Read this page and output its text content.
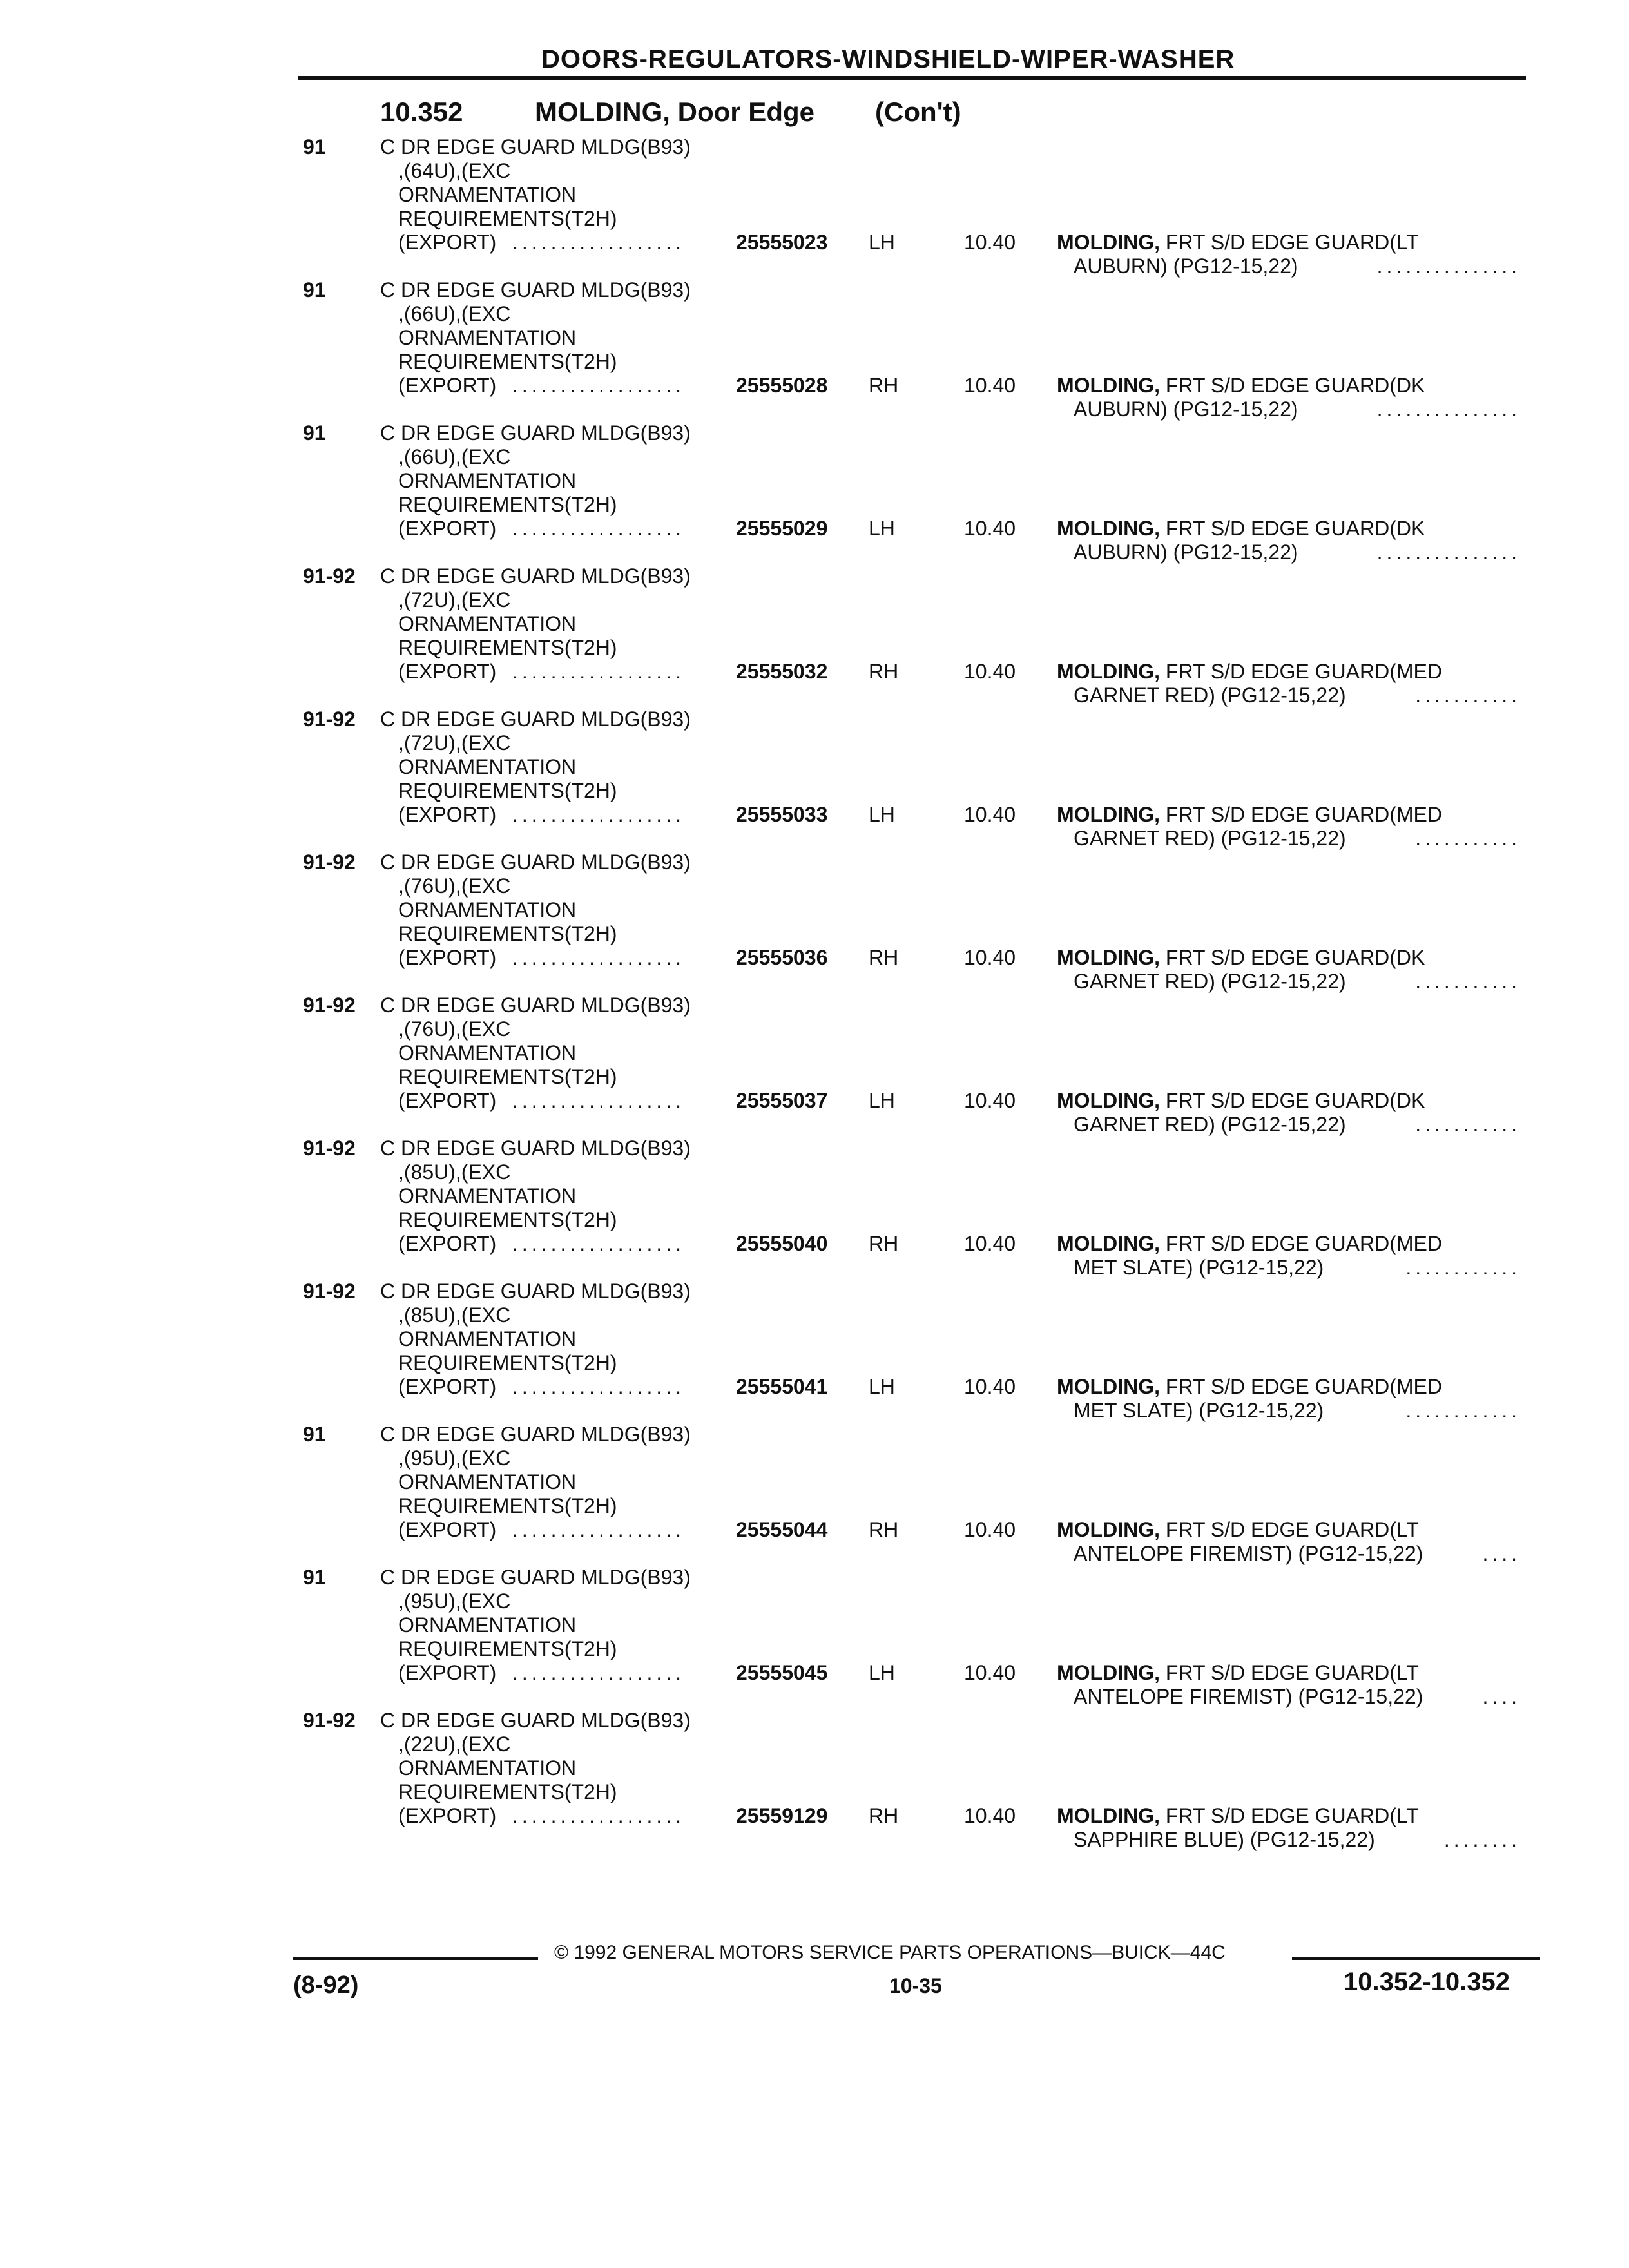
DOORS-REGULATORS-WINDSHIELD-WIPER-WASHER
10.352	MOLDING, Door Edge (Con't)
91	C DR EDGE GUARD MLDG(B93)
,(64U),(EXC
ORNAMENTATION
REQUIREMENTS(T2H)
(EXPORT) ..................	25555023 LH	10.40 MOLDING, FRT S/D EDGE GUARD(LT
AUBURN) (PG12-15,22)	...............
91	C DR EDGE GUARD MLDG(B93)
,(66U),(EXC
ORNAMENTATION
REQUIREMENTS(T2H)
(EXPORT) ..................	25555028 RH	10.40 MOLDING, FRT S/D EDGE GUARD(DK
AUBURN) (PG12-15,22)	...............
91	C DR EDGE GUARD MLDG(B93)
,(66U),(EXC
ORNAMENTATION
REQUIREMENTS(T2H)
(EXPORT) ..................	25555029 LH	10.40 MOLDING, FRT S/D EDGE GUARD(DK
AUBURN) (PG12-15,22)	...............
91-92 C DR EDGE GUARD MLDG(B93)
,(72U),(EXC
ORNAMENTATION
REQUIREMENTS(T2H)
(EXPORT) ..................	25555032 RH	10.40 MOLDING, FRT S/D EDGE GUARD(MED
GARNET RED) (PG12-15,22)	...........
91-92 C DR EDGE GUARD MLDG(B93)
,(72U),(EXC
ORNAMENTATION
REQUIREMENTS(T2H)
(EXPORT) ..................	25555033 LH	10.40 MOLDING, FRT S/D EDGE GUARD(MED
GARNET RED) (PG12-15,22)	...........
91-92 C DR EDGE GUARD MLDG(B93)
,(76U),(EXC
ORNAMENTATION
REQUIREMENTS(T2H)
(EXPORT) ..................	25555036 RH	10.40 MOLDING, FRT S/D EDGE GUARD(DK
GARNET RED) (PG12-15,22)	...........
91-92 C DR EDGE GUARD MLDG(B93)
,(76U),(EXC
ORNAMENTATION
REQUIREMENTS(T2H)
(EXPORT) ..................	25555037 LH	10.40 MOLDING, FRT S/D EDGE GUARD(DK
GARNET RED) (PG12-15,22)	...........
91-92 C DR EDGE GUARD MLDG(B93)
,(85U),(EXC
ORNAMENTATION
REQUIREMENTS(T2H)
(EXPORT) ..................	25555040 RH	10.40 MOLDING, FRT S/D EDGE GUARD(MED
MET SLATE) (PG12-15,22)	............
91-92 C DR EDGE GUARD MLDG(B93)
,(85U),(EXC
ORNAMENTATION
REQUIREMENTS(T2H)
(EXPORT) ..................	25555041 LH	10.40 MOLDING, FRT S/D EDGE GUARD(MED
MET SLATE) (PG12-15,22)	............
91	C DR EDGE GUARD MLDG(B93)
,(95U),(EXC
ORNAMENTATION
REQUIREMENTS(T2H)
(EXPORT) ..................	25555044 RH	10.40 MOLDING, FRT S/D EDGE GUARD(LT
ANTELOPE FIREMIST) (PG12-15,22)	....
91	C DR EDGE GUARD MLDG(B93)
,(95U),(EXC
ORNAMENTATION
REQUIREMENTS(T2H)
(EXPORT) ..................	25555045 LH	10.40 MOLDING, FRT S/D EDGE GUARD(LT
ANTELOPE FIREMIST) (PG12-15,22)	....
91-92 C DR EDGE GUARD MLDG(B93)
,(22U),(EXC
ORNAMENTATION
REQUIREMENTS(T2H)
(EXPORT) ..................	25559129 RH	10.40 MOLDING, FRT S/D EDGE GUARD(LT
SAPPHIRE BLUE) (PG12-15,22)	........
© 1992 GENERAL MOTORS SERVICE PARTS OPERATIONS—BUICK—44C
(8-92)	10-35	10.352-10.352
